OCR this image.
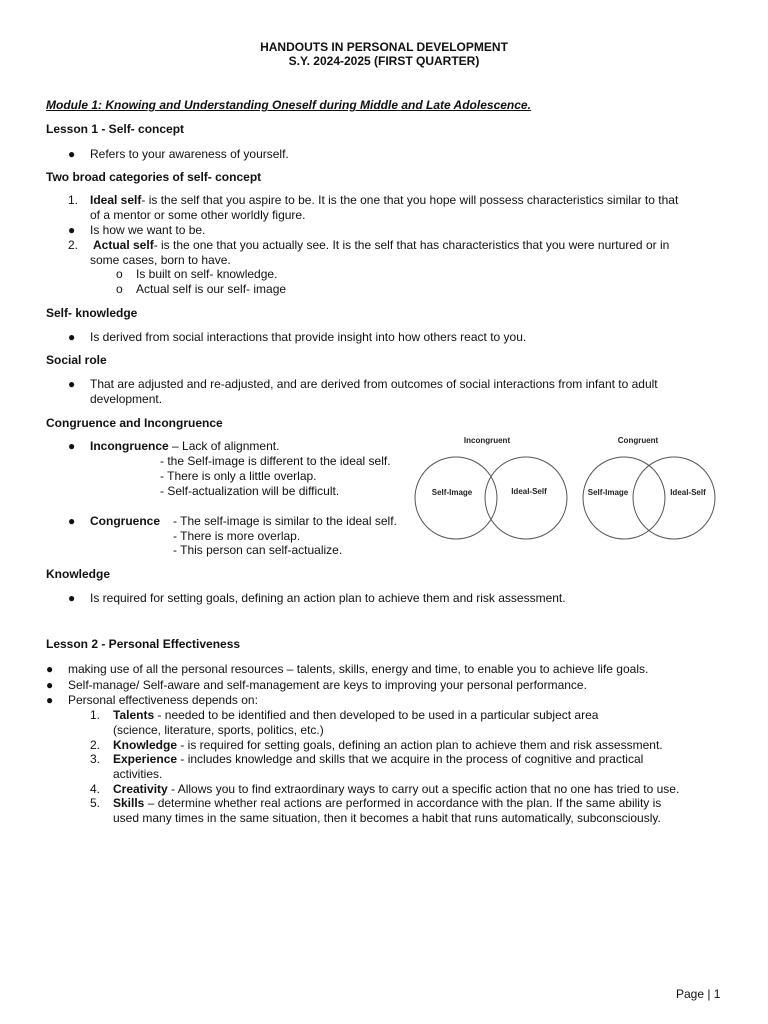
HANDOUTS IN PERSONAL DEVELOPMENT

S.Y. 2024-2025 (FIRST QUARTER)

Module 1: Knowing and Understanding Oneself during Middle and Late Adolescence.

Lesson 1 - Self- concept

● Refers to your awareness of yourself.

Two broad categories of self- concept

1. Ideal self- is the self that you aspire to be. It is the one that you hope will possess characteristics similar to that

of a mentor or some other worldly figure.

● Is how we want to be.
2. Actual self- is the one that you actually see. It is the self that has characteristics that you were nurtured or in

some cases, born to have.

o Is built on self- knowledge.
o Actual self is our self- image

Self- knowledge

● Is derived from social interactions that provide insight into how others react to you.

Social role

● That are adjusted and re-adjusted, and are derived from outcomes of social interactions from infant to adult

development.

Congruence and Incongruence

● Incongruence – Lack of alignment.

- the Self-image is different to the ideal self.

- There is only a little overlap.

- Self-actualization will be difficult.

● Congruence - The self-image is similar to the ideal self.

- There is more overlap.

- This person can self-actualize.

Incongruent	Congruent
Self-Image	Ideal-Self	Self-Image	Ideal-Self

Knowledge

● Is required for setting goals, defining an action plan to achieve them and risk assessment.

Lesson 2 - Personal Effectiveness

● making use of all the personal resources – talents, skills, energy and time, to enable you to achieve life goals.
● Self-manage/ Self-aware and self-management are keys to improving your personal performance.
● Personal effectiveness depends on:
1. Talents - needed to be identified and then developed to be used in a particular subject area

(science, literature, sports, politics, etc.)

2. Knowledge - is required for setting goals, defining an action plan to achieve them and risk assessment.
3. Experience - includes knowledge and skills that we acquire in the process of cognitive and practical

activities.

4. Creativity - Allows you to find extraordinary ways to carry out a specific action that no one has tried to use.
5. Skills – determine whether real actions are performed in accordance with the plan. If the same ability is

used many times in the same situation, then it becomes a habit that runs automatically, subconsciously.

Page | 1
